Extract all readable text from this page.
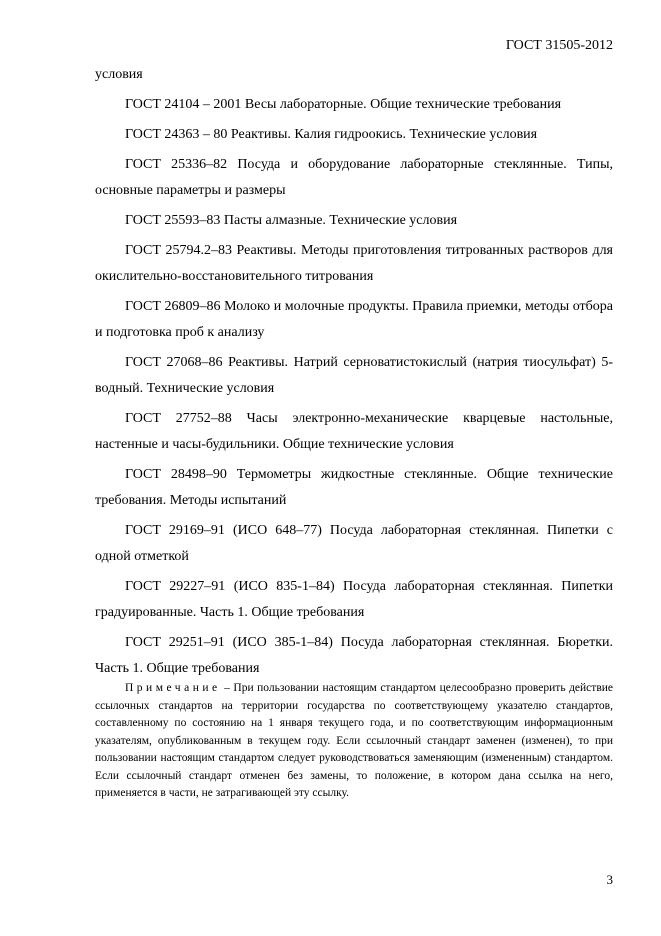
ГОСТ 31505-2012

условия

ГОСТ 24104 – 2001 Весы лабораторные. Общие технические требования

ГОСТ 24363 – 80 Реактивы. Калия гидроокись. Технические условия

ГОСТ 25336–82 Посуда и оборудование лабораторные стеклянные. Типы, основные параметры и размеры

ГОСТ 25593–83 Пасты алмазные. Технические условия

ГОСТ 25794.2–83 Реактивы. Методы приготовления титрованных растворов для окислительно-восстановительного титрования

ГОСТ 26809–86 Молоко и молочные продукты. Правила приемки, методы отбора и подготовка проб к анализу

ГОСТ 27068–86 Реактивы. Натрий серноватистокислый (натрия тиосульфат) 5-водный. Технические условия

ГОСТ 27752–88 Часы электронно-механические кварцевые настольные, настенные и часы-будильники. Общие технические условия

ГОСТ 28498–90 Термометры жидкостные стеклянные. Общие технические требования. Методы испытаний

ГОСТ 29169–91 (ИСО 648–77) Посуда лабораторная стеклянная. Пипетки с одной отметкой

ГОСТ 29227–91 (ИСО 835-1–84) Посуда лабораторная стеклянная. Пипетки градуированные. Часть 1. Общие требования

ГОСТ 29251–91 (ИСО 385-1–84) Посуда лабораторная стеклянная. Бюретки. Часть 1. Общие требования

Примечание – При пользовании настоящим стандартом целесообразно проверить действие ссылочных стандартов на территории государства по соответствующему указателю стандартов, составленному по состоянию на 1 января текущего года, и по соответствующим информационным указателям, опубликованным в текущем году. Если ссылочный стандарт заменен (изменен), то при пользовании настоящим стандартом следует руководствоваться заменяющим (измененным) стандартом. Если ссылочный стандарт отменен без замены, то положение, в котором дана ссылка на него, применяется в части, не затрагивающей эту ссылку.

3
